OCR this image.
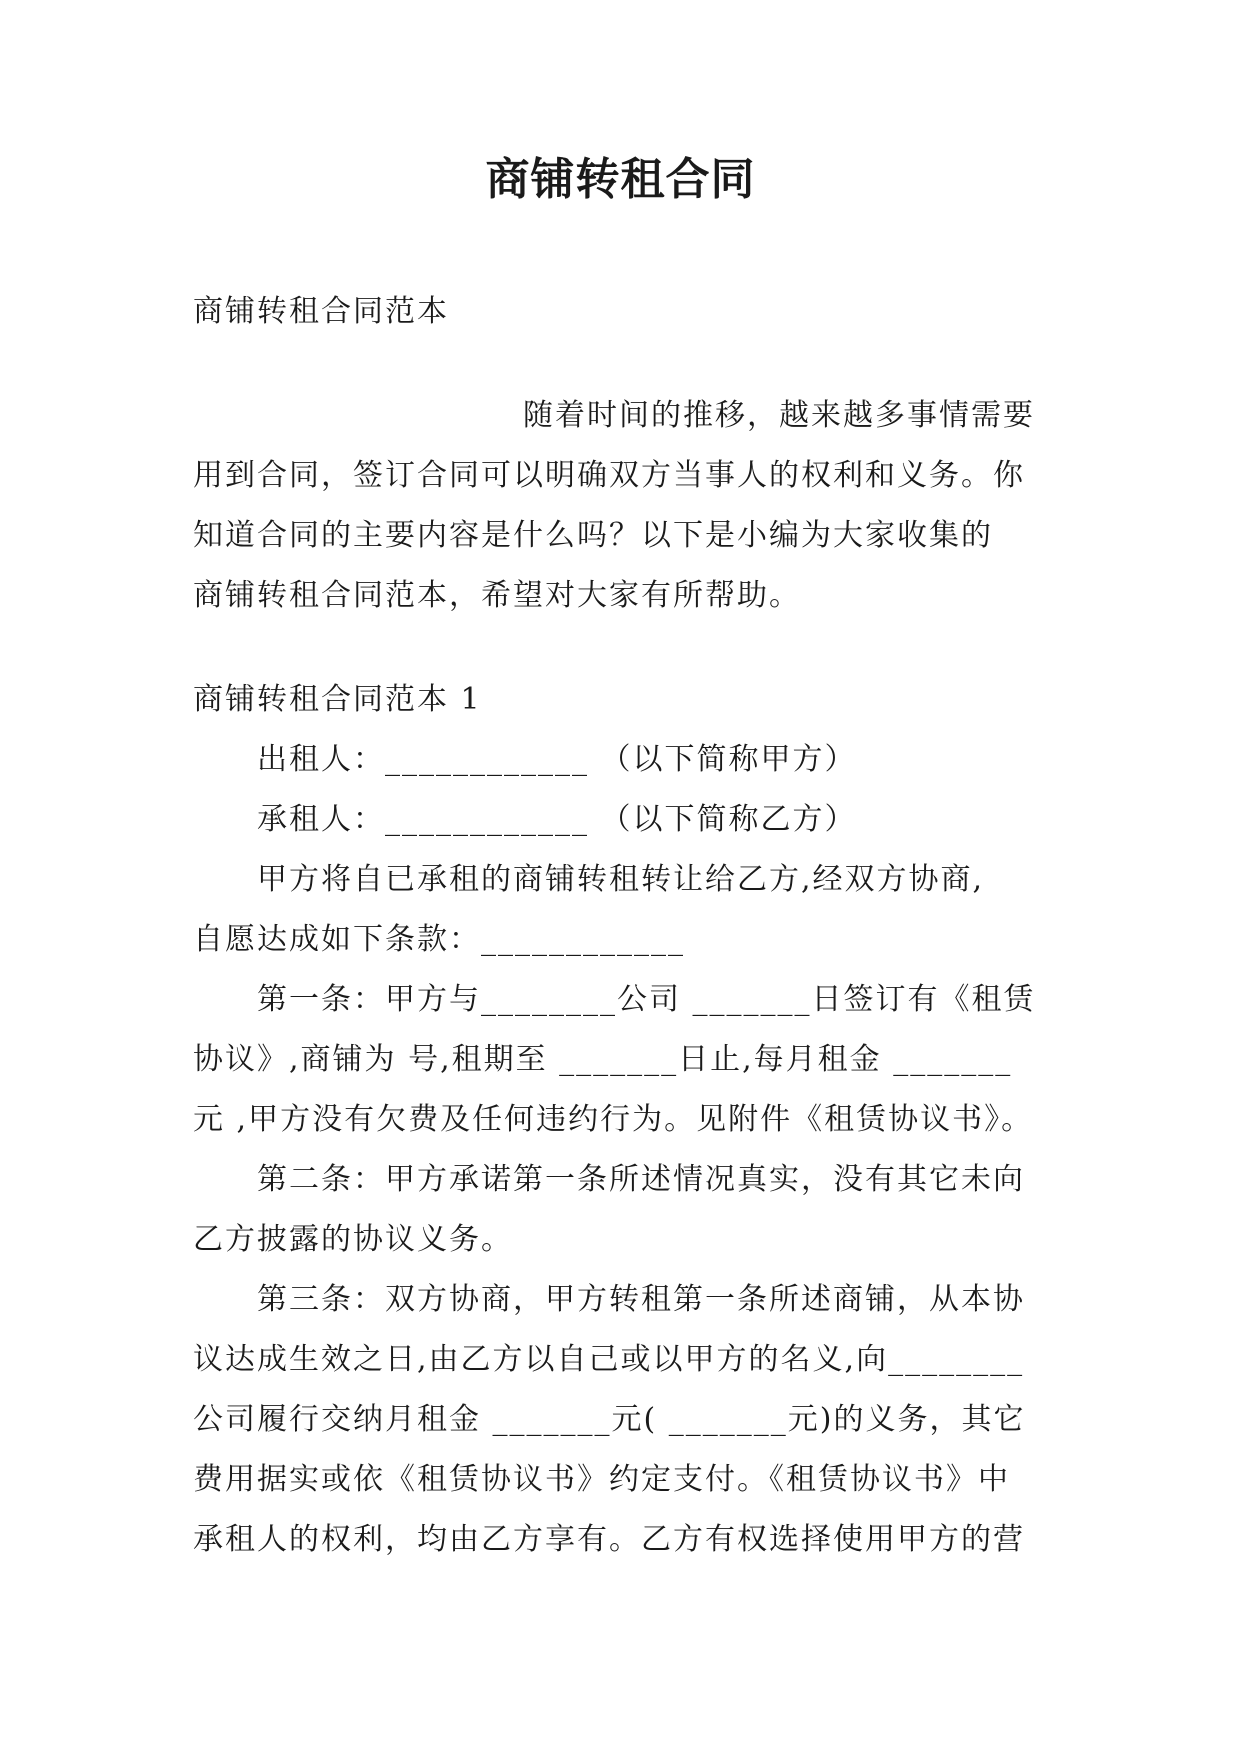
商铺转租合同
商铺转租合同范本
随着时间的推移，越来越多事情需要
用到合同，签订合同可以明确双方当事人的权利和义务。你
知道合同的主要内容是什么吗？以下是小编为大家收集的
商铺转租合同范本，希望对大家有所帮助。
商铺转租合同范本 1
出租人：____________ （以下简称甲方）
承租人：____________ （以下简称乙方）
甲方将自已承租的商铺转租转让给乙方,经双方协商,
自愿达成如下条款：____________
第一条：甲方与________公司 _______日签订有《租赁
协议》,商铺为 号,租期至 _______日止,每月租金 _______
元 ,甲方没有欠费及任何违约行为。见附件《租赁协议书》。
第二条：甲方承诺第一条所述情况真实，没有其它未向
乙方披露的协议义务。
第三条：双方协商，甲方转租第一条所述商铺，从本协
议达成生效之日,由乙方以自己或以甲方的名义,向________
公司履行交纳月租金 _______元( _______元)的义务，其它
费用据实或依《租赁协议书》约定支付。《租赁协议书》中
承租人的权利，均由乙方享有。乙方有权选择使用甲方的营
